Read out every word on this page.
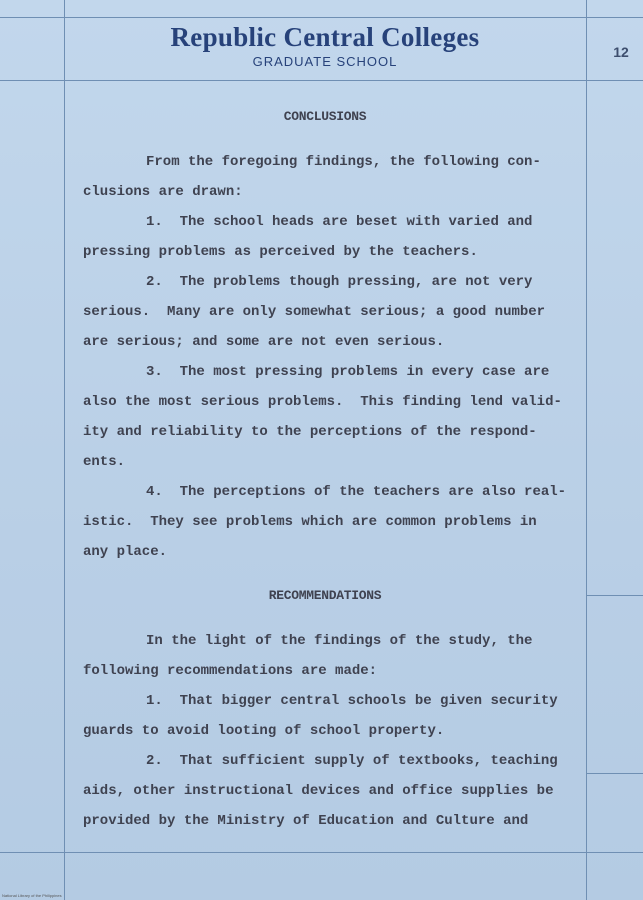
Republic Central Colleges
GRADUATE SCHOOL
12
CONCLUSIONS
From the foregoing findings, the following con-
clusions are drawn:
1.  The school heads are beset with varied and
pressing problems as perceived by the teachers.
2.  The problems though pressing, are not very
serious.  Many are only somewhat serious; a good number
are serious; and some are not even serious.
3.  The most pressing problems in every case are
also the most serious problems.  This finding lend valid-
ity and reliability to the perceptions of the respond-
ents.
4.  The perceptions of the teachers are also real-
istic.  They see problems which are common problems in
any place.
RECOMMENDATIONS
In the light of the findings of the study, the
following recommendations are made:
1.  That bigger central schools be given security
guards to avoid looting of school property.
2.  That sufficient supply of textbooks, teaching
aids, other instructional devices and office supplies be
provided by the Ministry of Education and Culture and
National Library of the Philippines
